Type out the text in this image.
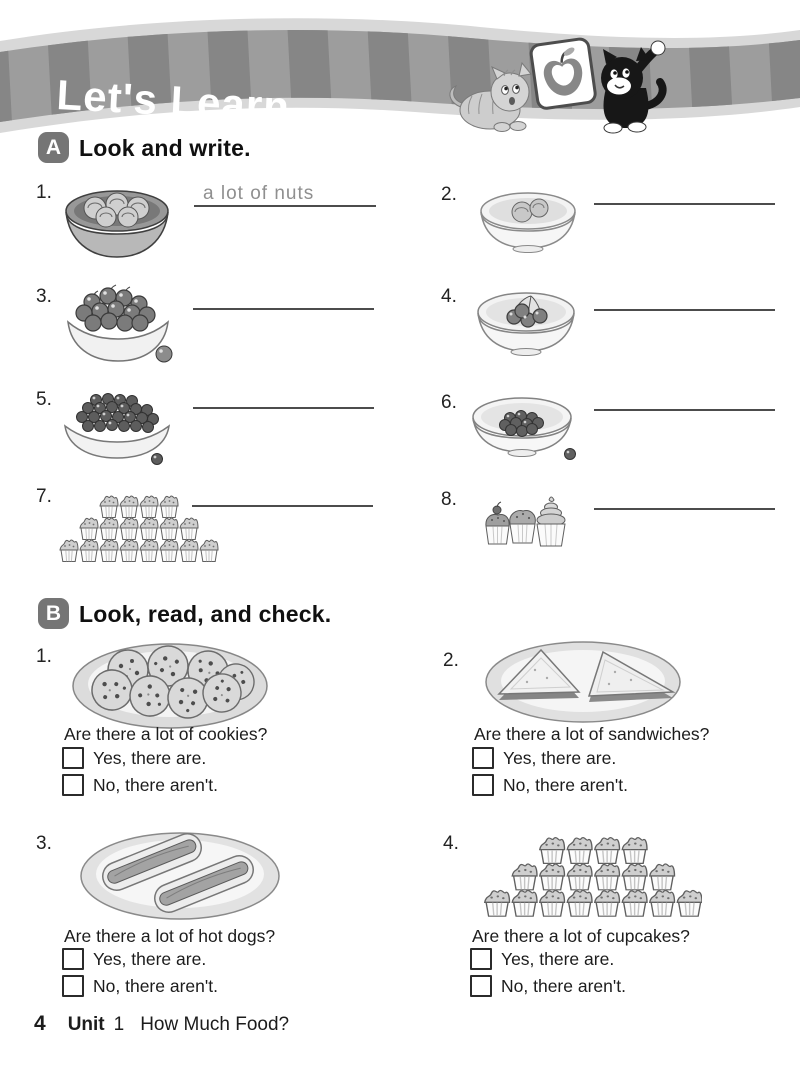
Let's Learn
A Look and write.
1.	a lot of nuts	2.
3.	4.
5.	6.
7.	8.
B Look, read, and check.
1.
Are there a lot of cookies?
Yes, there are.
No, there aren't.
2.
Are there a lot of sandwiches?
Yes, there are.
No, there aren't.
3.
Are there a lot of hot dogs?
Yes, there are.
No, there aren't.
4.
Are there a lot of cupcakes?
Yes, there are.
No, there aren't.
4 Unit 1 How Much Food?
